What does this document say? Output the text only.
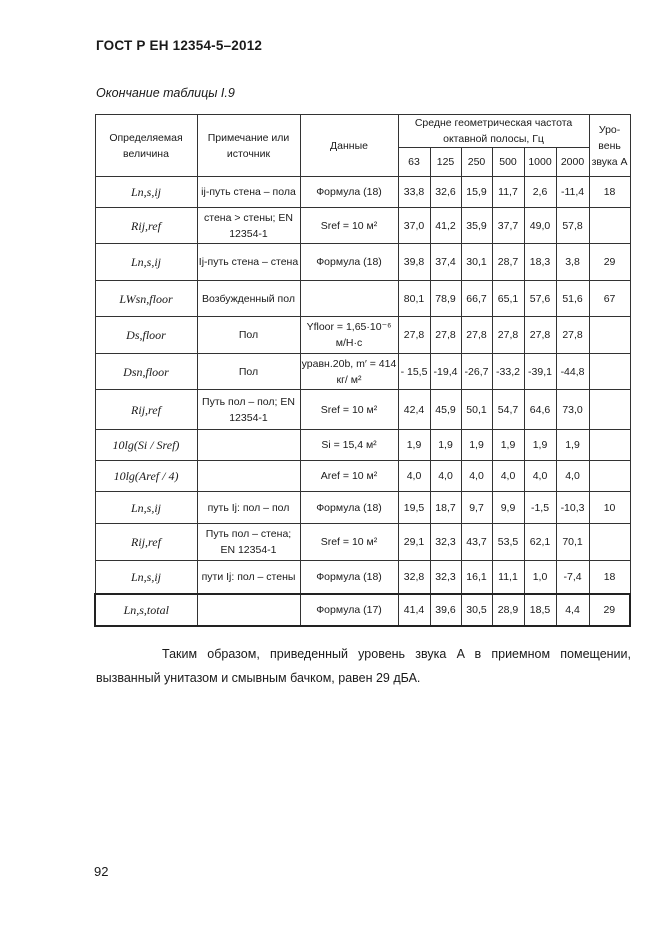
ГОСТ Р ЕН 12354-5–2012
Окончание таблицы I.9
Определяемая величина	Примечание или источник	Данные	Средне геометрическая частота октавной полосы, Гц						Уро-вень звука A
			63	125	250	500	1000	2000	
Ln,s,ij	ij-путь стена – пола	Формула (18)	33,8	32,6	15,9	11,7	2,6	-11,4	18
Rij,ref	стена > стены; EN 12354-1	Sref = 10 м²	37,0	41,2	35,9	37,7	49,0	57,8	
Ln,s,ij	Ij-путь стена – стена	Формула (18)	39,8	37,4	30,1	28,7	18,3	3,8	29
LWsn,floor	Возбужденный пол		80,1	78,9	66,7	65,1	57,6	51,6	67
Ds,floor	Пол	Yfloor = 1,65·10⁻⁶ м/Н·с	27,8	27,8	27,8	27,8	27,8	27,8	
Dsn,floor	Пол	уравн.20b, m′ = 414 кг/ м²	- 15,5	-19,4	-26,7	-33,2	-39,1	-44,8	
Rij,ref	Путь пол – пол; EN 12354-1	Sref = 10 м²	42,4	45,9	50,1	54,7	64,6	73,0	
10lg(Si / Sref)		Si = 15,4 м²	1,9	1,9	1,9	1,9	1,9	1,9	
10lg(Aref / 4)		Aref = 10 м²	4,0	4,0	4,0	4,0	4,0	4,0	
Ln,s,ij	путь Ij: пол – пол	Формула (18)	19,5	18,7	9,7	9,9	-1,5	-10,3	10
Rij,ref	Путь пол – стена; EN 12354-1	Sref = 10 м²	29,1	32,3	43,7	53,5	62,1	70,1	
Ln,s,ij	пути Ij: пол – стены	Формула (18)	32,8	32,3	16,1	11,1	1,0	-7,4	18
Ln,s,total		Формула (17)	41,4	39,6	30,5	28,9	18,5	4,4	29
Таким образом, приведенный уровень звука A в приемном помещении, вызванный унитазом и смывным бачком, равен 29 дБА.
92
